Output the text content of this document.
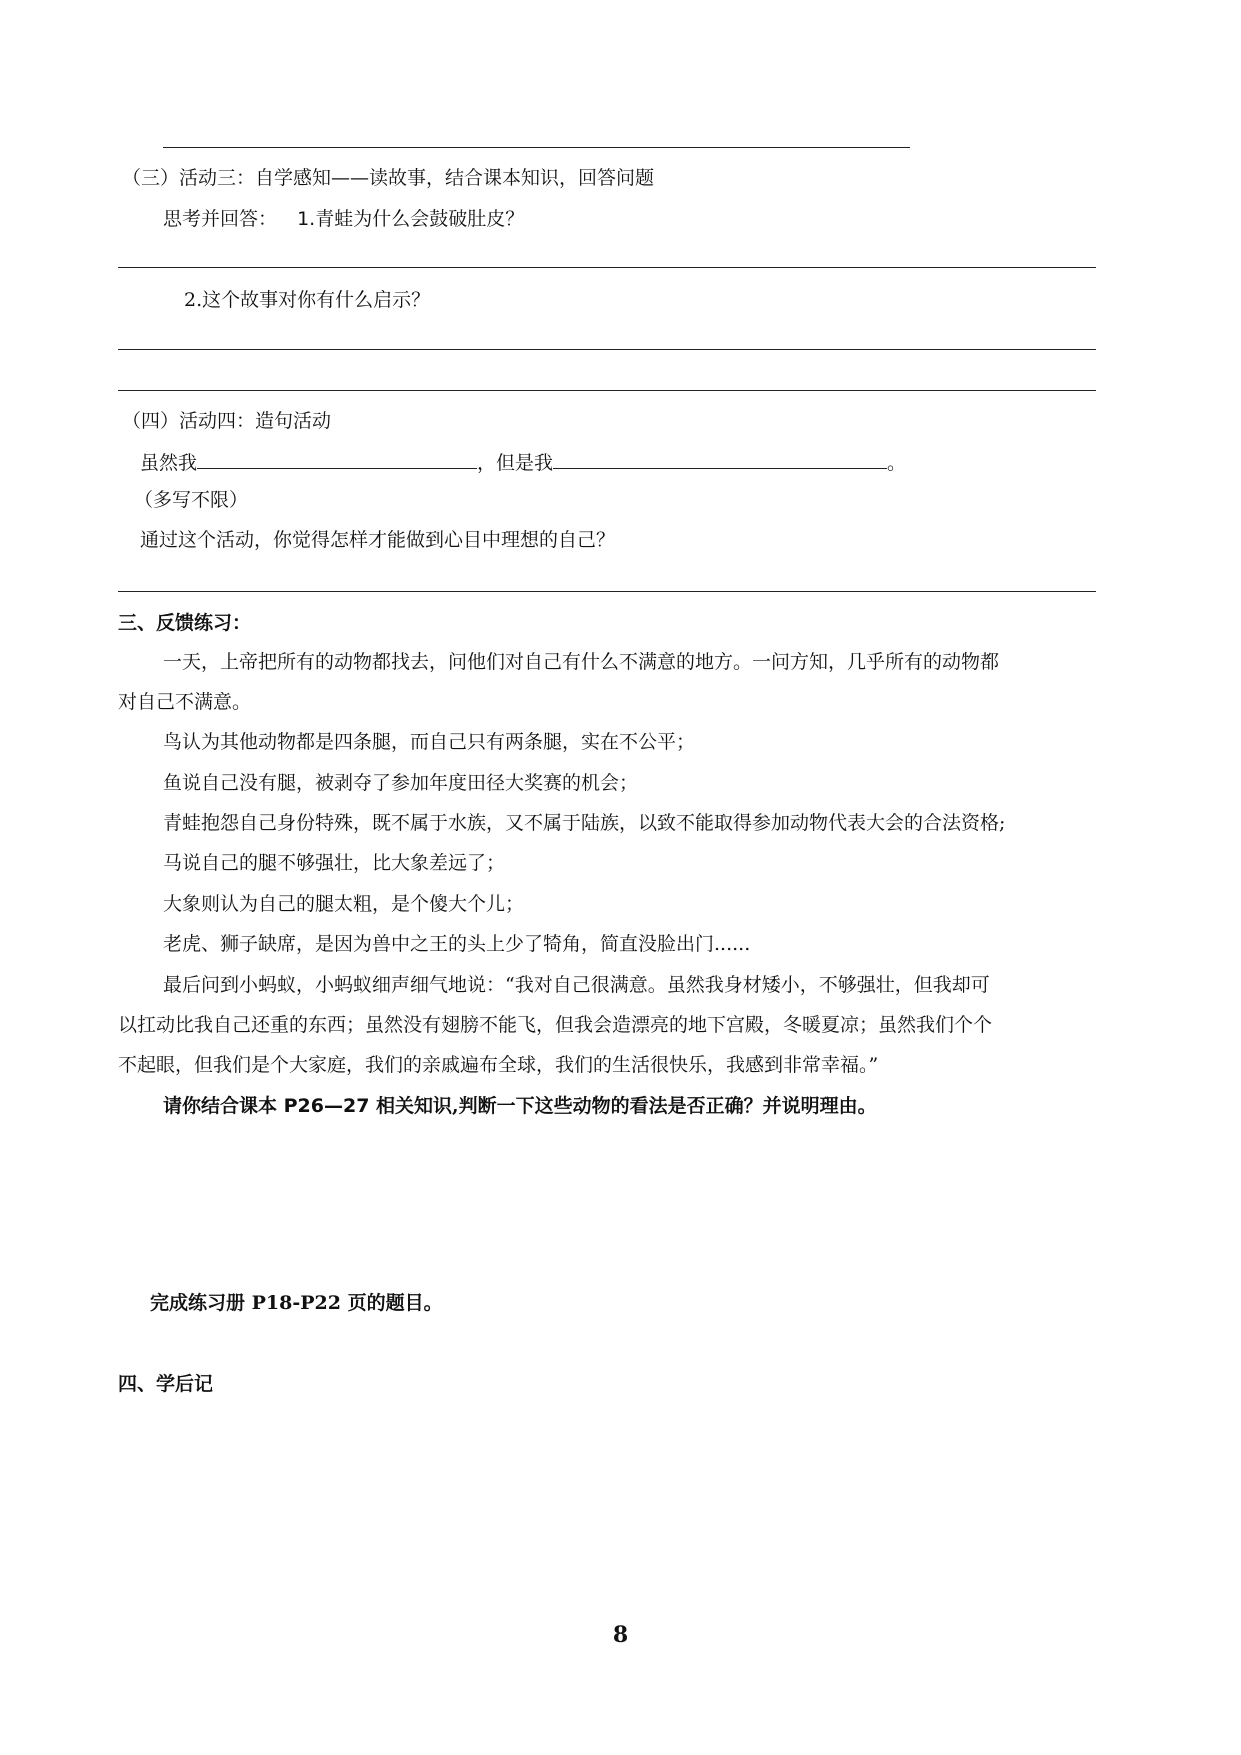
（三）活动三：自学感知——读故事，结合课本知识，回答问题
思考并回答： 1.青蛙为什么会鼓破肚皮？
2.这个故事对你有什么启示？
（四）活动四：造句活动
虽然我	，但是我	。
（多写不限）
通过这个活动，你觉得怎样才能做到心目中理想的自己？
三、反馈练习：
一天，上帝把所有的动物都找去，问他们对自己有什么不满意的地方。一问方知，几乎所有的动物都
对自己不满意。
鸟认为其他动物都是四条腿，而自己只有两条腿，实在不公平；
鱼说自己没有腿，被剥夺了参加年度田径大奖赛的机会；
青蛙抱怨自己身份特殊，既不属于水族，又不属于陆族，以致不能取得参加动物代表大会的合法资格;
马说自己的腿不够强壮，比大象差远了；
大象则认为自己的腿太粗，是个傻大个儿；
老虎、狮子缺席，是因为兽中之王的头上少了犄角，简直没脸出门......
最后问到小蚂蚁，小蚂蚁细声细气地说：“我对自己很满意。虽然我身材矮小，不够强壮，但我却可
以扛动比我自己还重的东西；虽然没有翅膀不能飞，但我会造漂亮的地下宫殿，冬暖夏凉；虽然我们个个
不起眼，但我们是个大家庭，我们的亲戚遍布全球，我们的生活很快乐，我感到非常幸福。”
请你结合课本 P26—27 相关知识,判断一下这些动物的看法是否正确？并说明理由。
完成练习册 P18-P22 页的题目。
四、学后记
8
